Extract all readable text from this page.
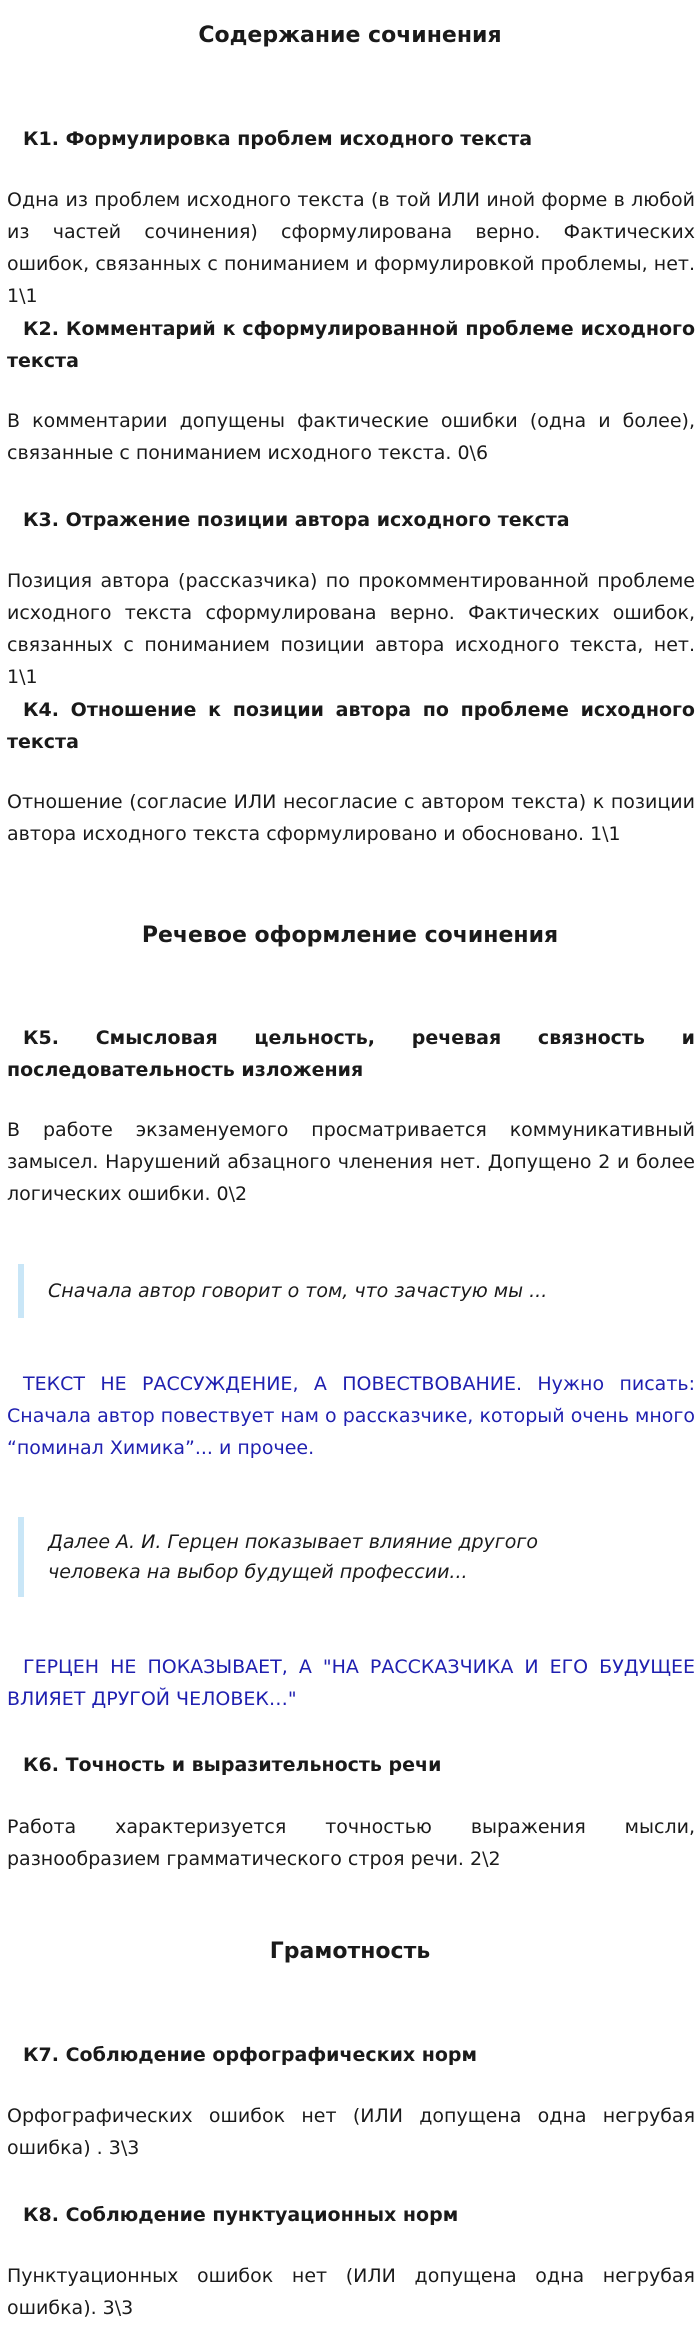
Содержание сочинения
К1. Формулировка проблем исходного текста

Одна из проблем исходного текста (в той ИЛИ иной форме в любой из частей сочинения) сформулирована верно. Фактических ошибок, связанных с пониманием и формулировкой проблемы, нет. 1\1

К2. Комментарий к сформулированной проблеме исходного текста

В комментарии допущены фактические ошибки (одна и более), связанные с пониманием исходного текста. 0\6

К3. Отражение позиции автора исходного текста

Позиция автора (рассказчика) по прокомментированной проблеме исходного текста сформулирована верно. Фактических ошибок, связанных с пониманием позиции автора исходного текста, нет. 1\1

К4. Отношение к позиции автора по проблеме исходного текста

Отношение (согласие ИЛИ несогласие с автором текста) к позиции автора исходного текста сформулировано и обосновано. 1\1

Речевое оформление сочинения
К5. Смысловая цельность, речевая связность и последовательность изложения

В работе экзаменуемого просматривается коммуникативный замысел. Нарушений абзацного членения нет. Допущено 2 и более логических ошибки. 0\2

Сначала автор говорит о том, что зачастую мы ...

ТЕКСТ НЕ РАССУЖДЕНИЕ, А ПОВЕСТВОВАНИЕ. Нужно писать: Сначала автор повествует нам о рассказчике, который очень много “поминал Химика”... и прочее.

Далее А. И. Герцен показывает влияние другого
человека на выбор будущей профессии...

ГЕРЦЕН НЕ ПОКАЗЫВАЕТ, А "НА РАССКАЗЧИКА И ЕГО БУДУЩЕЕ ВЛИЯЕТ ДРУГОЙ ЧЕЛОВЕК…"

К6. Точность и выразительность речи

Работа характеризуется точностью выражения мысли, разнообразием грамматического строя речи. 2\2

Грамотность
К7. Соблюдение орфографических норм

Орфографических ошибок нет (ИЛИ допущена одна негрубая ошибка) . 3\3

К8. Соблюдение пунктуационных норм

Пунктуационных ошибок нет (ИЛИ допущена одна негрубая ошибка). 3\3
